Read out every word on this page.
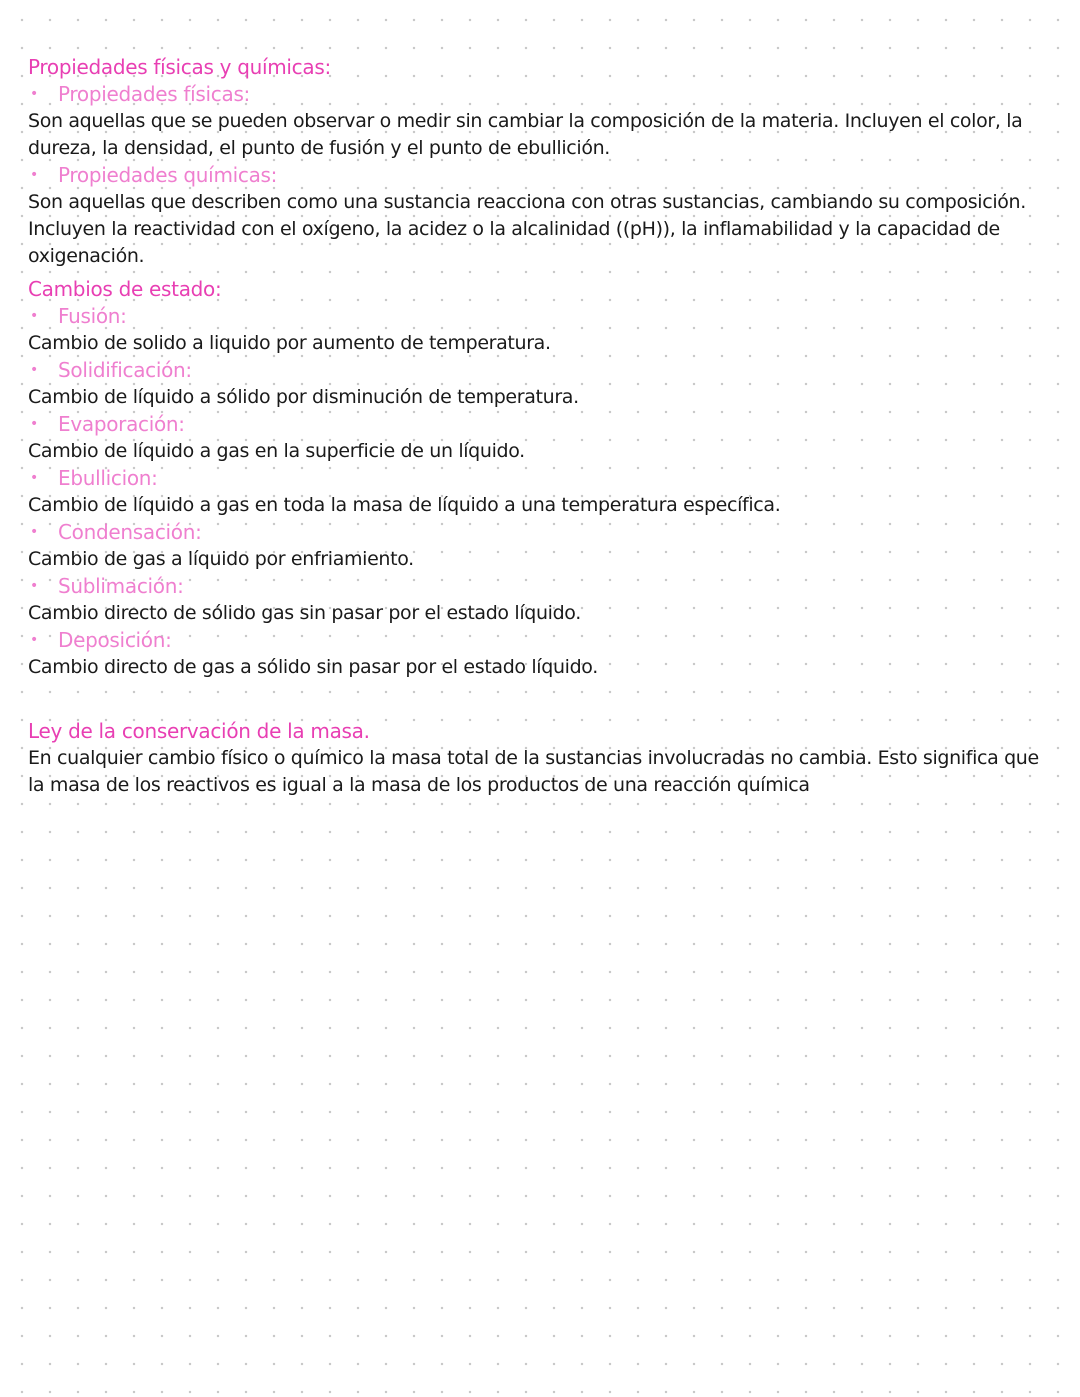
Propiedades físicas y químicas:
•	Propiedades físicas:
Son aquellas que se pueden observar o medir sin cambiar la composición de la materia. Incluyen el color, la dureza, la densidad, el punto de fusión y el punto de ebullición.
•	Propiedades químicas:
Son aquellas que describen como una sustancia reacciona con otras sustancias, cambiando su composición. Incluyen la reactividad con el oxígeno, la acidez o la alcalinidad ((pH)), la inflamabilidad y la capacidad de oxigenación.
Cambios de estado:
•	Fusión:
Cambio de solido a liquido por aumento de temperatura.
•	Solidificación:
Cambio de líquido a sólido por disminución de temperatura.
•	Evaporación:
Cambio de líquido a gas en la superficie de un líquido.
•	Ebullicion:
Cambio de líquido a gas en toda la masa de líquido a una temperatura específica.
•	Condensación:
Cambio de gas a líquido por enfriamiento.
•	Sublimación:
Cambio directo de sólido gas sin pasar por el estado líquido.
•	Deposición:
Cambio directo de gas a sólido sin pasar por el estado líquido.
Ley de la conservación de la masa.
En cualquier cambio físico o químico la masa total de la sustancias involucradas no cambia. Esto significa que la masa de los reactivos es igual a la masa de los productos de una reacción química
